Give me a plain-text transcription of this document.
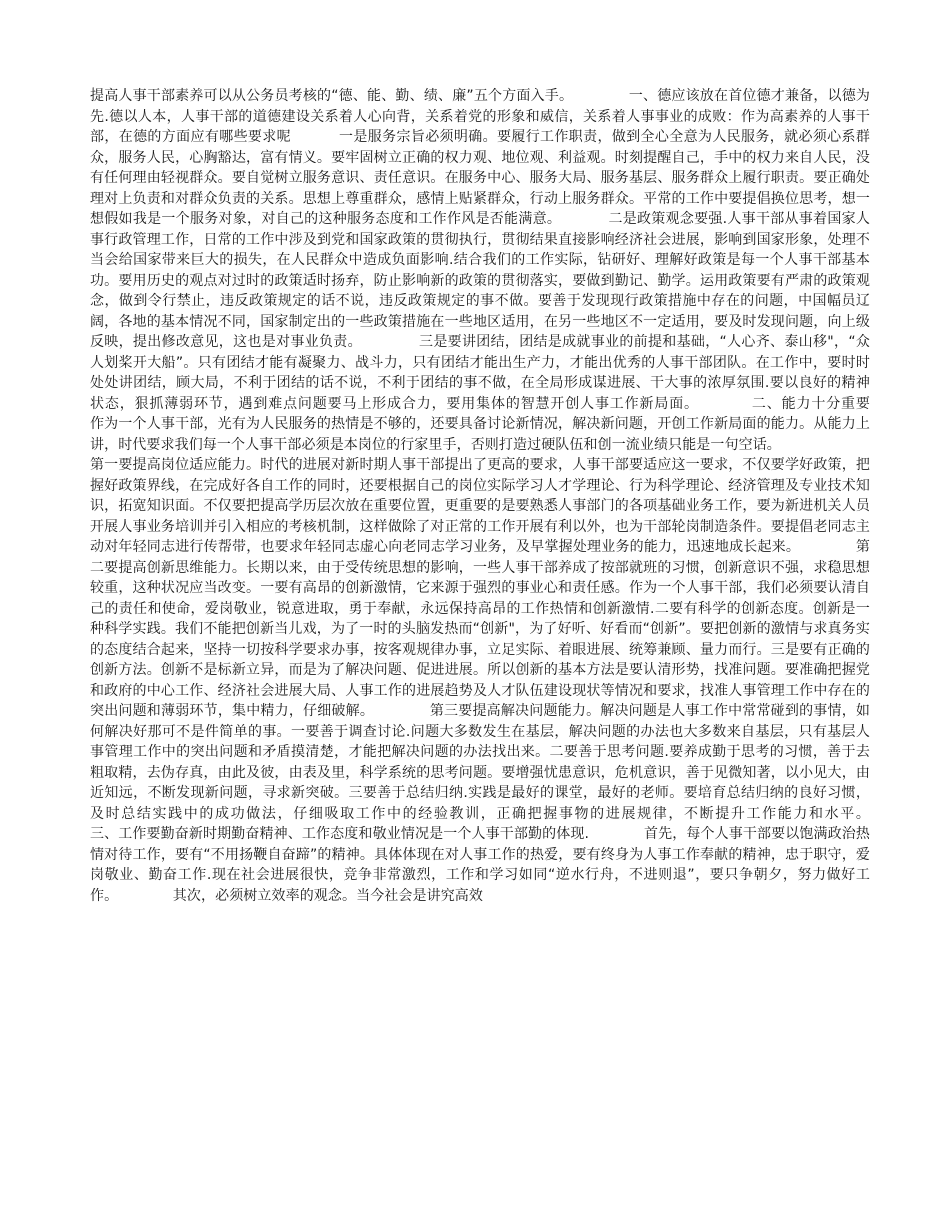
提高人事干部素养可以从公务员考核的“德、能、勤、绩、廉”五个方面入手。            一、德应该放在首位德才兼备，以德为先.德以人本，人事干部的道德建设关系着人心向背，关系着党的形象和威信，关系着人事事业的成败：作为高素养的人事干部，在德的方面应有哪些要求呢          一是服务宗旨必须明确。要履行工作职责，做到全心全意为人民服务，就必须心系群众，服务人民，心胸豁达，富有情义。要牢固树立正确的权力观、地位观、利益观。时刻提醒自己，手中的权力来自人民，没有任何理由轻视群众。要自觉树立服务意识、责任意识。在服务中心、服务大局、服务基层、服务群众上履行职责。要正确处理对上负责和对群众负责的关系。思想上尊重群众，感情上贴紧群众，行动上服务群众。平常的工作中要提倡换位思考，想一想假如我是一个服务对象，对自己的这种服务态度和工作作风是否能满意。          二是政策观念要强.人事干部从事着国家人事行政管理工作，日常的工作中涉及到党和国家政策的贯彻执行，贯彻结果直接影响经济社会进展，影响到国家形象，处理不当会给国家带来巨大的损失，在人民群众中造成负面影响.结合我们的工作实际，钻研好、理解好政策是每一个人事干部基本功。要用历史的观点对过时的政策适时扬弃，防止影响新的政策的贯彻落实，要做到勤记、勤学。运用政策要有严肃的政策观念，做到令行禁止，违反政策规定的话不说，违反政策规定的事不做。要善于发现现行政策措施中存在的问题，中国幅员辽阔，各地的基本情况不同，国家制定出的一些政策措施在一些地区适用，在另一些地区不一定适用，要及时发现问题，向上级反映，提出修改意见，这也是对事业负责。            三是要讲团结，团结是成就事业的前提和基础，“人心齐、泰山移"，“众人划桨开大船”。只有团结才能有凝聚力、战斗力，只有团结才能出生产力，才能出优秀的人事干部团队。在工作中，要时时处处讲团结，顾大局，不利于团结的话不说，不利于团结的事不做，在全局形成谋进展、干大事的浓厚氛围.要以良好的精神状态，狠抓薄弱环节，遇到难点问题要马上形成合力，要用集体的智慧开创人事工作新局面。          二、能力十分重要            作为一个人事干部，光有为人民服务的热情是不够的，还要具备讨论新情况，解决新问题，开创工作新局面的能力。从能力上讲，时代要求我们每一个人事干部必须是本岗位的行家里手，否则打造过硬队伍和创一流业绩只能是一句空话。

第一要提高岗位适应能力。时代的进展对新时期人事干部提出了更高的要求，人事干部要适应这一要求，不仅要学好政策，把握好政策界线，在完成好各自工作的同时，还要根据自己的岗位实际学习人才学理论、行为科学理论、经济管理及专业技术知识，拓宽知识面。不仅要把提高学历层次放在重要位置，更重要的是要熟悉人事部门的各项基础业务工作，要为新进机关人员开展人事业务培训并引入相应的考核机制，这样做除了对正常的工作开展有利以外，也为干部轮岗制造条件。要提倡老同志主动对年轻同志进行传帮带，也要求年轻同志虚心向老同志学习业务，及早掌握处理业务的能力，迅速地成长起来。            第二要提高创新思维能力。长期以来，由于受传统思想的影响，一些人事干部养成了按部就班的习惯，创新意识不强，求稳思想较重，这种状况应当改变。一要有高昂的创新激情，它来源于强烈的事业心和责任感。作为一个人事干部，我们必须要认清自己的责任和使命，爱岗敬业，锐意进取，勇于奉献，永远保持高昂的工作热情和创新激情.二要有科学的创新态度。创新是一种科学实践。我们不能把创新当儿戏，为了一时的头脑发热而“创新"，为了好听、好看而“创新”。要把创新的激情与求真务实的态度结合起来，坚持一切按科学要求办事，按客观规律办事，立足实际、着眼进展、统筹兼顾、量力而行。三是要有正确的创新方法。创新不是标新立异，而是为了解决问题、促进进展。所以创新的基本方法是要认清形势，找准问题。要准确把握党和政府的中心工作、经济社会进展大局、人事工作的进展趋势及人才队伍建设现状等情况和要求，找准人事管理工作中存在的突出问题和薄弱环节，集中精力，仔细破解。            第三要提高解决问题能力。解决问题是人事工作中常常碰到的事情，如何解决好那可不是件简单的事。一要善于调查讨论.问题大多数发生在基层，解决问题的办法也大多数来自基层，只有基层人事管理工作中的突出问题和矛盾摸清楚，才能把解决问题的办法找出来。二要善于思考问题.要养成勤于思考的习惯，善于去粗取精，去伪存真，由此及彼，由表及里，科学系统的思考问题。要增强忧患意识，危机意识，善于见微知著，以小见大，由近知远，不断发现新问题，寻求新突破。三要善于总结归纳.实践是最好的课堂，最好的老师。要培育总结归纳的良好习惯，及时总结实践中的成功做法，仔细吸取工作中的经验教训，正确把握事物的进展规律，不断提升工作能力和水平。            三、工作要勤奋新时期勤奋精神、工作态度和敬业情况是一个人事干部勤的体现.            首先，每个人事干部要以饱满政治热情对待工作，要有“不用扬鞭自奋蹄”的精神。具体体现在对人事工作的热爱，要有终身为人事工作奉献的精神，忠于职守，爱岗敬业、勤奋工作.现在社会进展很快，竞争非常激烈，工作和学习如同“逆水行舟，不进则退”，要只争朝夕，努力做好工作。            其次，必须树立效率的观念。当今社会是讲究高效
